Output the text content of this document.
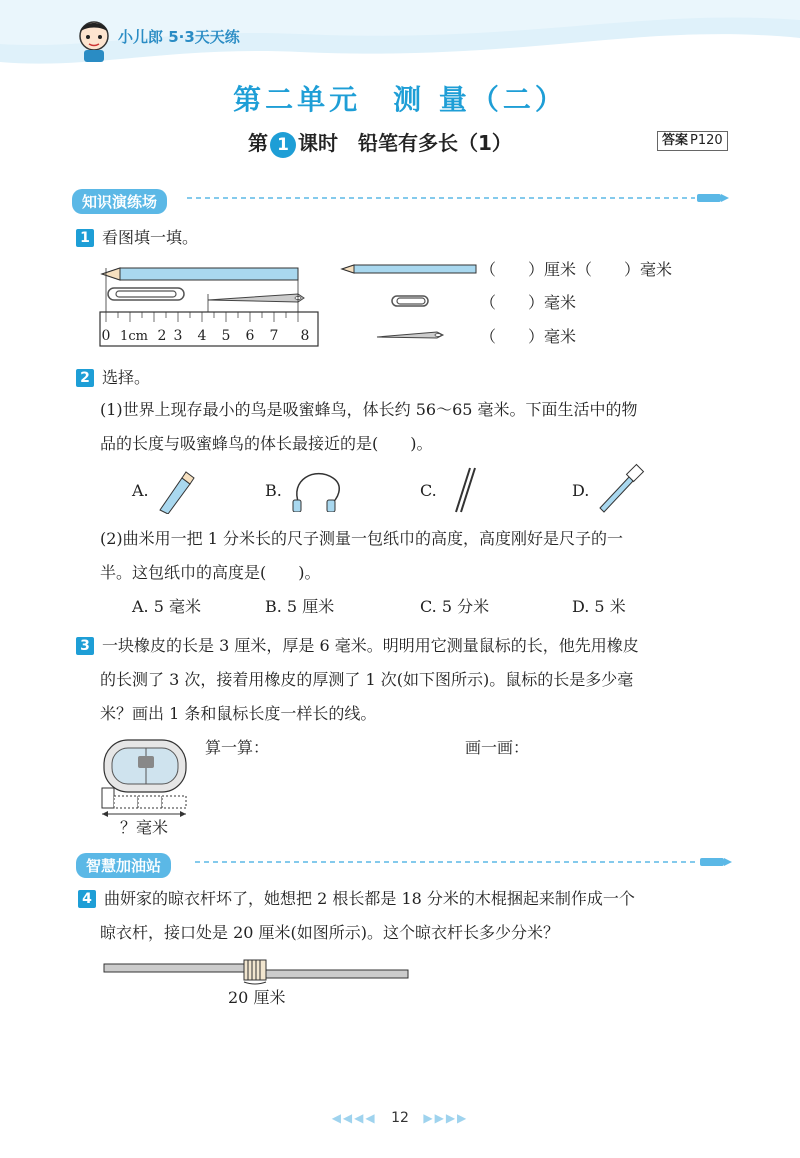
小儿郎 5·3天天练
第二单元　测 量（二）
第 1 课时　铅笔有多长（1）	答案 P120
知识演练场
1 看图填一填。
0 1cm 3 4 5 6 7 8
2
（　　）厘米（　　）毫米
（　　）毫米
（　　）毫米
2 选择。
(1)世界上现存最小的鸟是吸蜜蜂鸟，体长约 56～65 毫米。下面生活中的物
品的长度与吸蜜蜂鸟的体长最接近的是(　　)。
A.	B.	C.	D.
(2)曲米用一把 1 分米长的尺子测量一包纸巾的高度，高度刚好是尺子的一
半。这包纸巾的高度是(　　)。
A. 5 毫米	B. 5 厘米	C. 5 分米	D. 5 米
3 一块橡皮的长是 3 厘米，厚是 6 毫米。明明用它测量鼠标的长，他先用橡皮
的长测了 3 次，接着用橡皮的厚测了 1 次(如下图所示)。鼠标的长是多少毫
米？画出 1 条和鼠标长度一样长的线。
？毫米
算一算：	画一画：
智慧加油站
4 曲妍家的晾衣杆坏了，她想把 2 根长都是 18 分米的木棍捆起来制作成一个
晾衣杆，接口处是 20 厘米(如图所示)。这个晾衣杆长多少分米？
20 厘米
◀◀◀◀ 12 ▶▶▶▶
